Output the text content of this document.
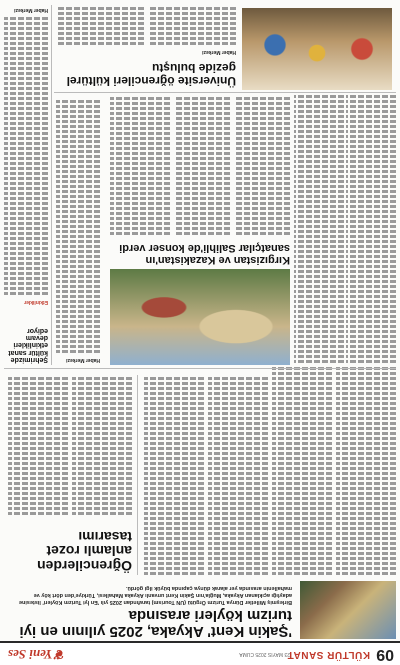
09
KÜLTÜR SANAT
23 MAYIS 2025 CUMA
❦Yeni Ses
'Şakin Kent' Akyaka, 2025 yılının en iyi turizm köyleri arasında
Birleşmiş Milletler Dünya Turizm Örgütü (UN Tourism) tarafından 2025 yılı 'En İyi Turizm Köyleri' listesine adaylığı açıklanan Akyaka, Muğla'nın Şakin Kent unvanlı Akyaka Mahallesi, Türkiye'den dört köy ve mahallenin arasında yer alarak dünya çapında büyük ilgi gördü.
Öğrencilerden anlamlı rozet tasarımı
Kırgızistan ve Kazakistan'ın sanatçılar Salihli'de konser verdi
Haber Merkezi
Şehrimizde kültür sanat etkinlikleri devam ediyor
Etkinlikler
Haber Merkezi
Üniversite öğrencileri kültürel gezide buluştu
Haber Merkezi
